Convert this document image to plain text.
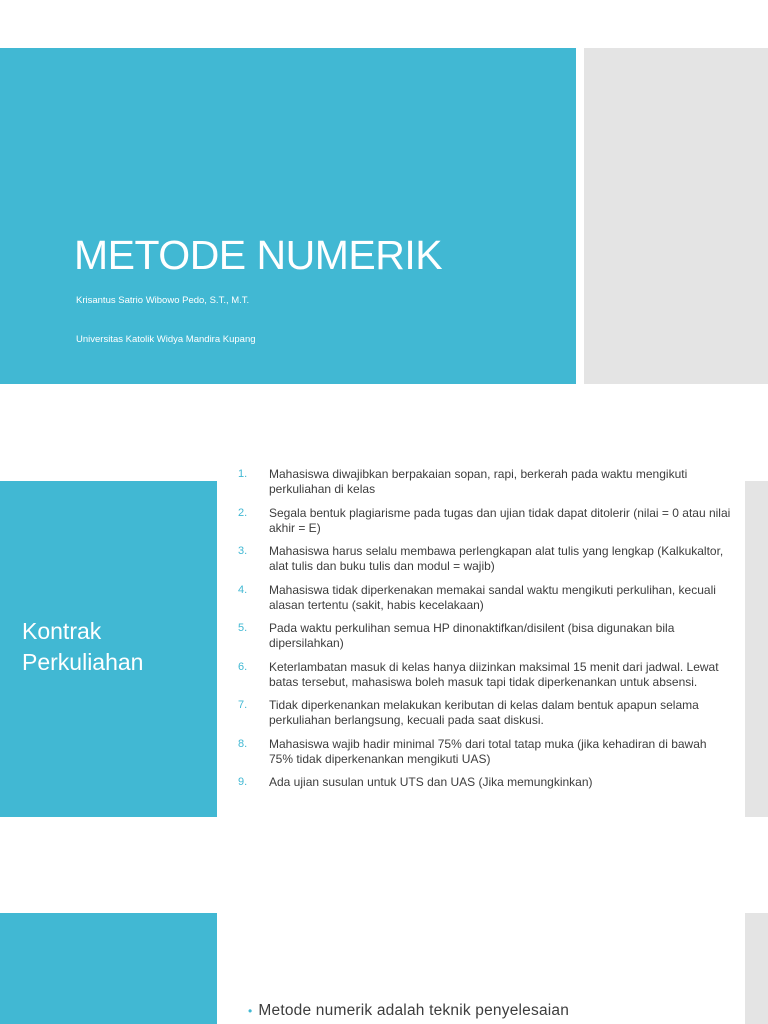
METODE NUMERIK

Krisantus Satrio Wibowo Pedo, S.T., M.T.

Universitas Katolik Widya Mandira Kupang

Kontrak Perkuliahan
1.	Mahasiswa diwajibkan berpakaian sopan, rapi, berkerah pada waktu mengikuti perkuliahan di kelas
2.	Segala bentuk plagiarisme pada tugas dan ujian tidak dapat ditolerir (nilai = 0 atau nilai akhir = E)
3.	Mahasiswa harus selalu membawa perlengkapan alat tulis yang lengkap (Kalkukaltor, alat tulis dan buku tulis dan modul = wajib)
4.	Mahasiswa tidak diperkenakan memakai sandal waktu mengikuti perkulihan, kecuali alasan tertentu (sakit, habis kecelakaan)
5.	Pada waktu perkulihan semua HP dinonaktifkan/disilent (bisa digunakan bila dipersilahkan)
6.	Keterlambatan masuk di kelas hanya diizinkan maksimal 15 menit dari jadwal. Lewat batas tersebut, mahasiswa boleh masuk tapi tidak diperkenankan untuk absensi.
7.	Tidak diperkenankan melakukan keributan di kelas dalam bentuk apapun selama perkuliahan berlangsung, kecuali pada saat diskusi.
8.	Mahasiswa wajib hadir minimal 75% dari total tatap muka (jika kehadiran di bawah 75% tidak diperkenankan mengikuti UAS)
9.	Ada ujian susulan untuk UTS dan UAS (Jika memungkinkan)
• Metode numerik adalah teknik penyelesaian
